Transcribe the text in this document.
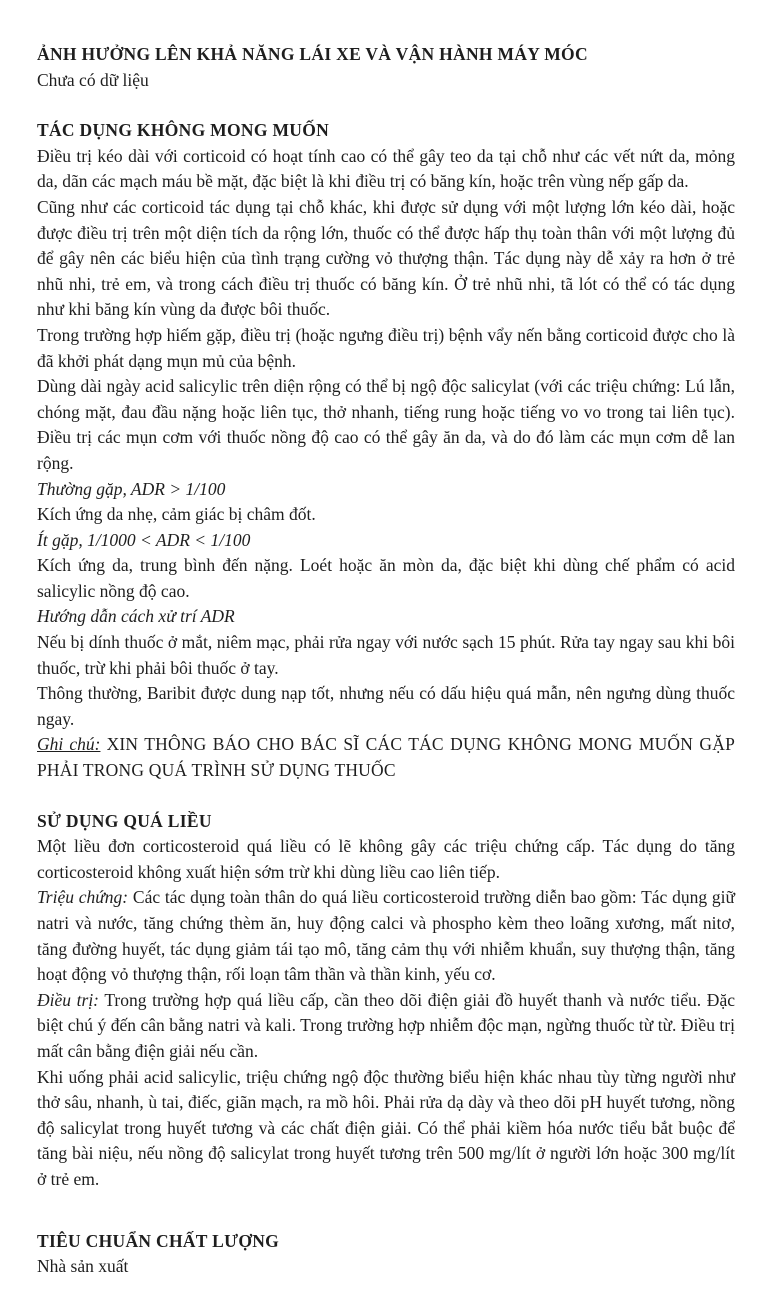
ẢNH HƯỞNG LÊN KHẢ NĂNG LÁI XE VÀ VẬN HÀNH MÁY MÓC

Chưa có dữ liệu

TÁC DỤNG KHÔNG MONG MUỐN

Điều trị kéo dài với corticoid có hoạt tính cao có thể gây teo da tại chỗ như các vết nứt da, mỏng da, dãn các mạch máu bề mặt, đặc biệt là khi điều trị có băng kín, hoặc trên vùng nếp gấp da.

Cũng như các corticoid tác dụng tại chỗ khác, khi được sử dụng với một lượng lớn kéo dài, hoặc được điều trị trên một diện tích da rộng lớn, thuốc có thể được hấp thụ toàn thân với một lượng đủ để gây nên các biểu hiện của tình trạng cường vỏ thượng thận. Tác dụng này dễ xảy ra hơn ở trẻ nhũ nhi, trẻ em, và trong cách điều trị thuốc có băng kín. Ở trẻ nhũ nhi, tã lót có thể có tác dụng như khi băng kín vùng da được bôi thuốc.

Trong trường hợp hiếm gặp, điều trị (hoặc ngưng điều trị) bệnh vẩy nến bằng corticoid được cho là đã khởi phát dạng mụn mủ của bệnh.

Dùng dài ngày acid salicylic trên diện rộng có thể bị ngộ độc salicylat (với các triệu chứng: Lú lẫn, chóng mặt, đau đầu nặng hoặc liên tục, thở nhanh, tiếng rung hoặc tiếng vo vo trong tai liên tục). Điều trị các mụn cơm với thuốc nồng độ cao có thể gây ăn da, và do đó làm các mụn cơm dễ lan rộng.

Thường gặp, ADR > 1/100

Kích ứng da nhẹ, cảm giác bị châm đốt.

Ít gặp, 1/1000 < ADR < 1/100

Kích ứng da, trung bình đến nặng. Loét hoặc ăn mòn da, đặc biệt khi dùng chế phẩm có acid salicylic nồng độ cao.

Hướng dẫn cách xử trí ADR

Nếu bị dính thuốc ở mắt, niêm mạc, phải rửa ngay với nước sạch 15 phút. Rửa tay ngay sau khi bôi thuốc, trừ khi phải bôi thuốc ở tay.

Thông thường, Baribit được dung nạp tốt, nhưng nếu có dấu hiệu quá mẫn, nên ngưng dùng thuốc ngay.

Ghi chú: XIN THÔNG BÁO CHO BÁC SĨ CÁC TÁC DỤNG KHÔNG MONG MUỐN GẶP PHẢI TRONG QUÁ TRÌNH SỬ DỤNG THUỐC

SỬ DỤNG QUÁ LIỀU

Một liều đơn corticosteroid quá liều có lẽ không gây các triệu chứng cấp. Tác dụng do tăng corticosteroid không xuất hiện sớm trừ khi dùng liều cao liên tiếp.

Triệu chứng: Các tác dụng toàn thân do quá liều corticosteroid trường diễn bao gồm: Tác dụng giữ natri và nước, tăng chứng thèm ăn, huy động calci và phospho kèm theo loãng xương, mất nitơ, tăng đường huyết, tác dụng giảm tái tạo mô, tăng cảm thụ với nhiễm khuẩn, suy thượng thận, tăng hoạt động vỏ thượng thận, rối loạn tâm thần và thần kinh, yếu cơ.

Điều trị: Trong trường hợp quá liều cấp, cần theo dõi điện giải đồ huyết thanh và nước tiểu. Đặc biệt chú ý đến cân bằng natri và kali. Trong trường hợp nhiễm độc mạn, ngừng thuốc từ từ. Điều trị mất cân bằng điện giải nếu cần.

Khi uống phải acid salicylic, triệu chứng ngộ độc thường biểu hiện khác nhau tùy từng người như thở sâu, nhanh, ù tai, điếc, giãn mạch, ra mồ hôi. Phải rửa dạ dày và theo dõi pH huyết tương, nồng độ salicylat trong huyết tương và các chất điện giải. Có thể phải kiềm hóa nước tiểu bắt buộc để tăng bài niệu, nếu nồng độ salicylat trong huyết tương trên 500 mg/lít ở người lớn hoặc 300 mg/lít ở trẻ em.

TIÊU CHUẨN CHẤT LƯỢNG

Nhà sản xuất
